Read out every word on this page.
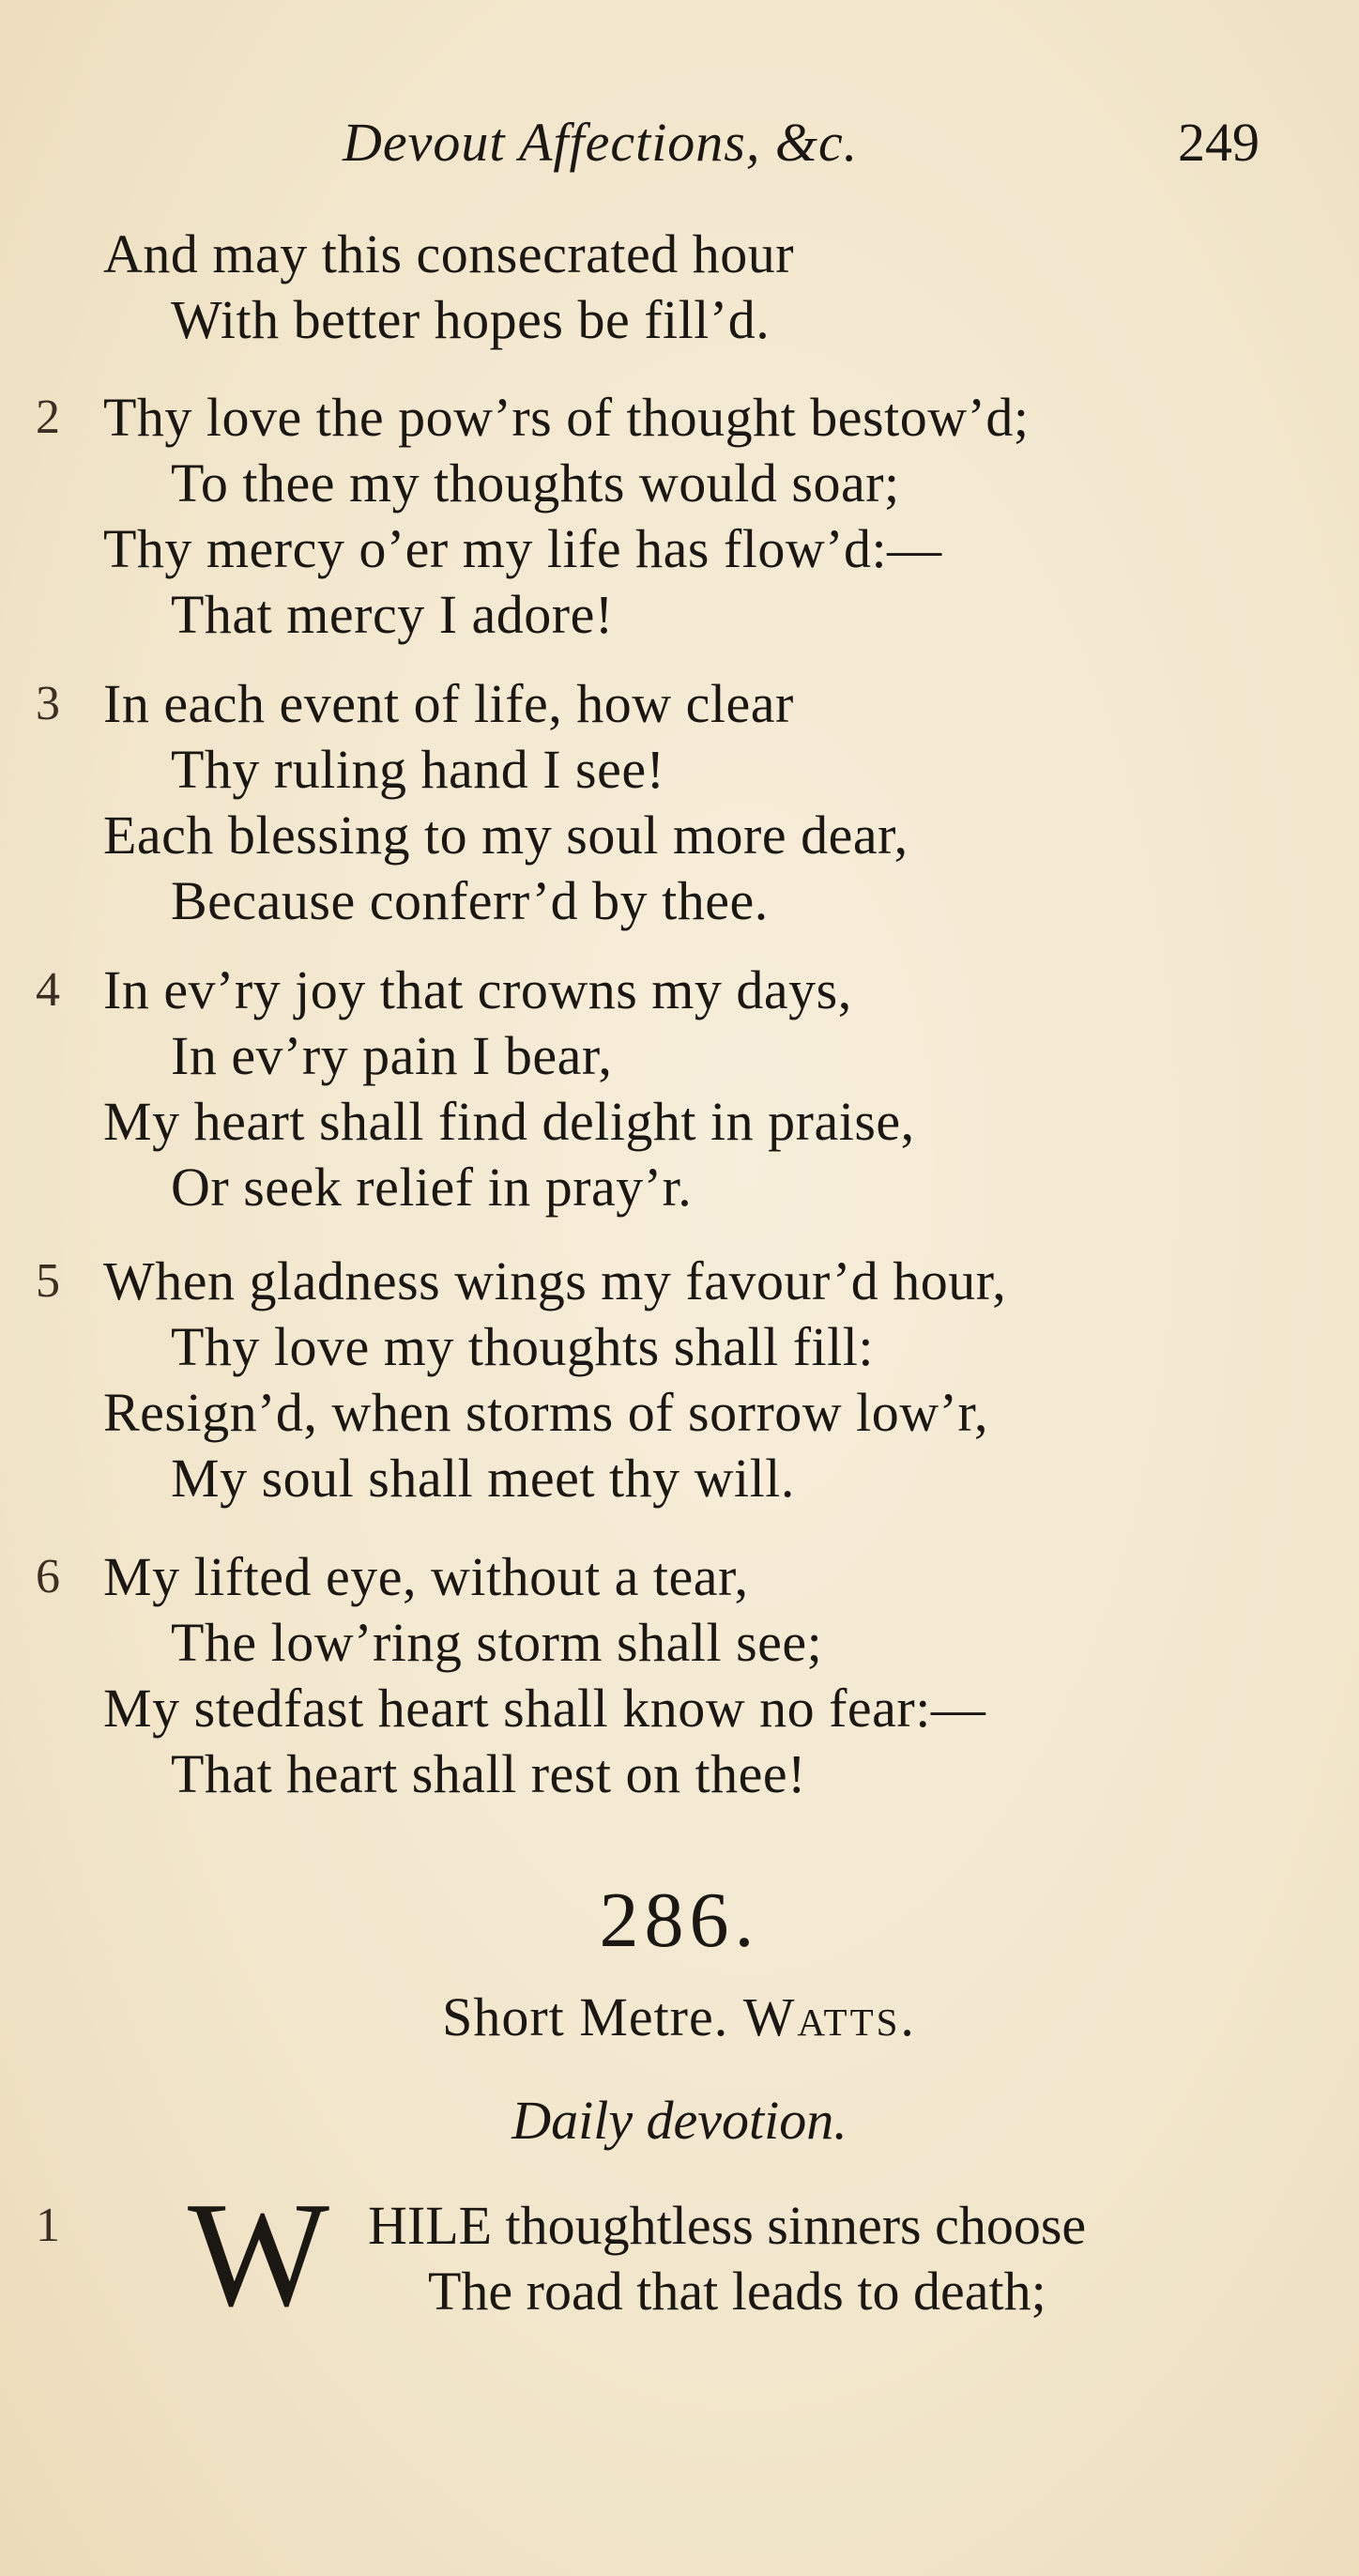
Devout Affections, &c.	249
And may this consecrated hour
With better hopes be fill’d.
2 Thy love the pow’rs of thought bestow’d;
To thee my thoughts would soar;
Thy mercy o’er my life has flow’d:—
That mercy I adore!
3 In each event of life, how clear
Thy ruling hand I see!
Each blessing to my soul more dear,
Because conferr’d by thee.
4 In ev’ry joy that crowns my days,
In ev’ry pain I bear,
My heart shall find delight in praise,
Or seek relief in pray’r.
5 When gladness wings my favour’d hour,
Thy love my thoughts shall fill:
Resign’d, when storms of sorrow low’r,
My soul shall meet thy will.
6 My lifted eye, without a tear,
The low’ring storm shall see;
My stedfast heart shall know no fear:—
That heart shall rest on thee!
286.
Short Metre. Watts.
Daily devotion.
1 W HILE thoughtless sinners choose
The road that leads to death;
